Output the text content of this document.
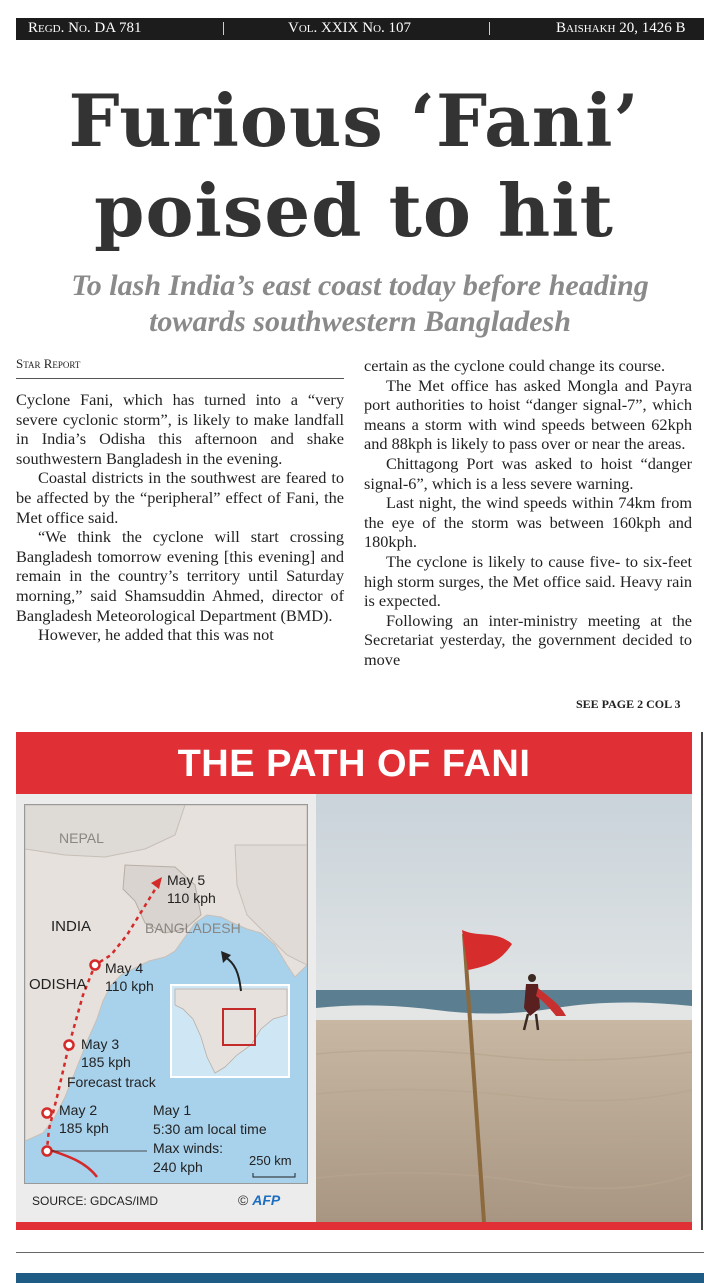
Regd. No. DA 781	|	Vol. XXIX No. 107	|	Baishakh 20, 1426 B
Furious ‘Fani’
poised to hit
To lash India’s east coast today before heading
towards southwestern Bangladesh
Star Report

Cyclone Fani, which has turned into a “very severe cyclonic storm”, is likely to make landfall in India’s Odisha this afternoon and shake southwestern Bangladesh in the evening.

Coastal districts in the southwest are feared to be affected by the “peripheral” effect of Fani, the Met office said.

“We think the cyclone will start crossing Bangladesh tomorrow evening [this evening] and remain in the country’s territory until Saturday morning,” said Shamsuddin Ahmed, director of Bangladesh Meteorological Department (BMD).

However, he added that this was not

certain as the cyclone could change its course.

The Met office has asked Mongla and Payra port authorities to hoist “danger signal-7”, which means a storm with wind speeds between 62kph and 88kph is likely to pass over or near the areas.

Chittagong Port was asked to hoist “danger signal-6”, which is a less severe warning.

Last night, the wind speeds within 74km from the eye of the storm was between 160kph and 180kph.

The cyclone is likely to cause five- to six-feet high storm surges, the Met office said. Heavy rain is expected.

Following an inter-ministry meeting at the Secretariat yesterday, the government decided to move

SEE PAGE 2 COL 3
THE PATH OF FANI
NEPAL
INDIA	BANGLADESH
ODISHA
May 5
110 kph
May 4
110 kph
May 3
185 kph
Forecast track
May 2
185 kph
May 1
5:30 am local time
Max winds:
240 kph	250 km
SOURCE: GDCAS/IMD	© AFP
